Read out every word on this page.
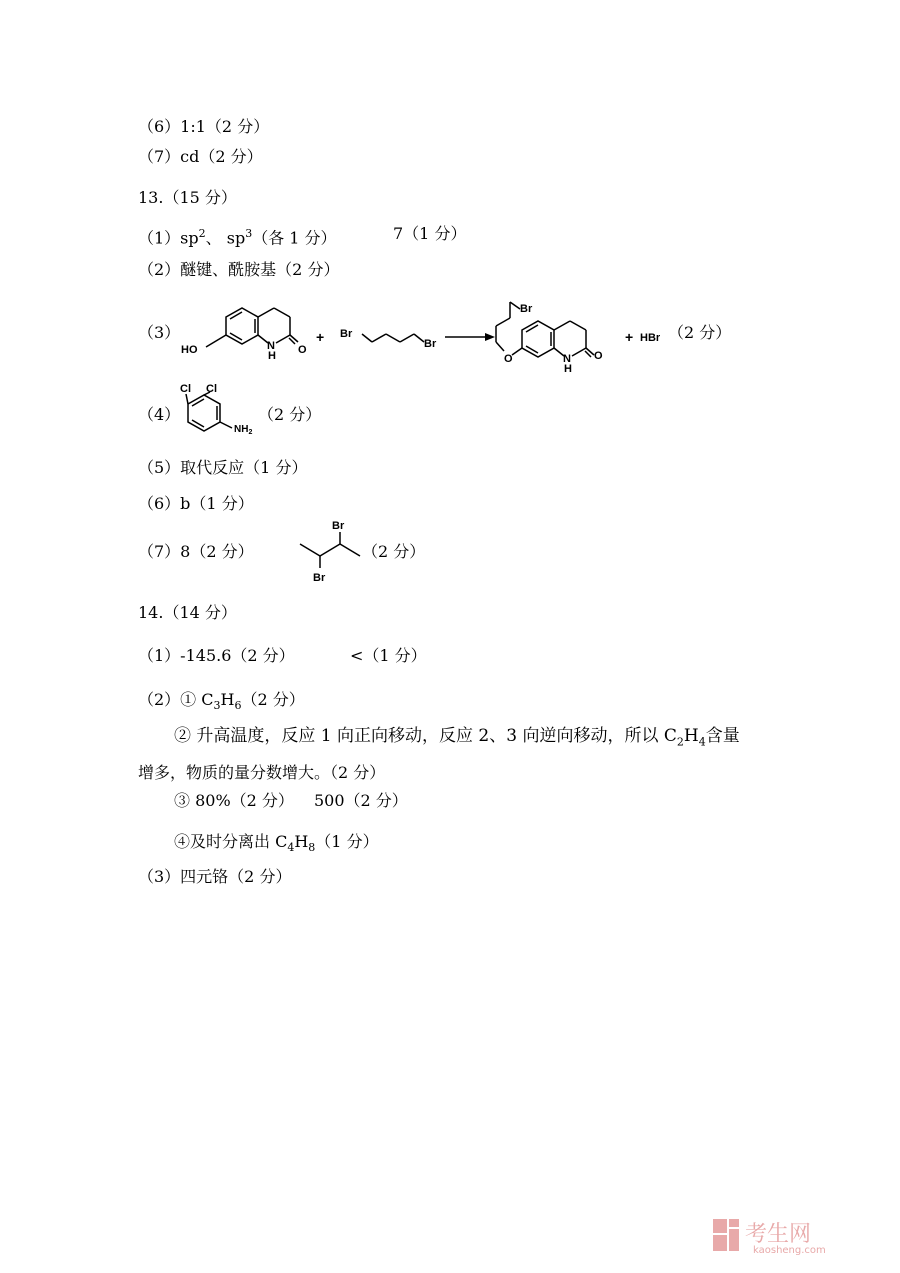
（6）1:1（2 分）
（7）cd（2 分）
13.（15 分）
$(1)sp^2$、 $sp^3$（各 1 分）	7（1 分）
（2）醚键、酰胺基（2 分）
（3）
HO	N
H O
+ Br
Br
Br
O	N
H
O
+ HBr （2 分）
（4）
Cl Cl
$NH_2$
（2 分）
（5）取代反应（1 分）
（6）b（1 分）
（7）8（2 分）
Br
Br
（2 分）
14.（14 分）
（1）-145.6（2 分）	<（1 分）
（2）① $C_3H_6(2$ 分）
② 升高温度，反应 1 向正向移动，反应 2、3 向逆向移动，所以 $C_2H_4$含量
增多，物质的量分数增大。（2 分）
③ 80%（2 分） 500（2 分）
④及时分离出 $C_4H_8(1$ 分）
（3）四元铬（2 分）
考生网
kaosheng.com
